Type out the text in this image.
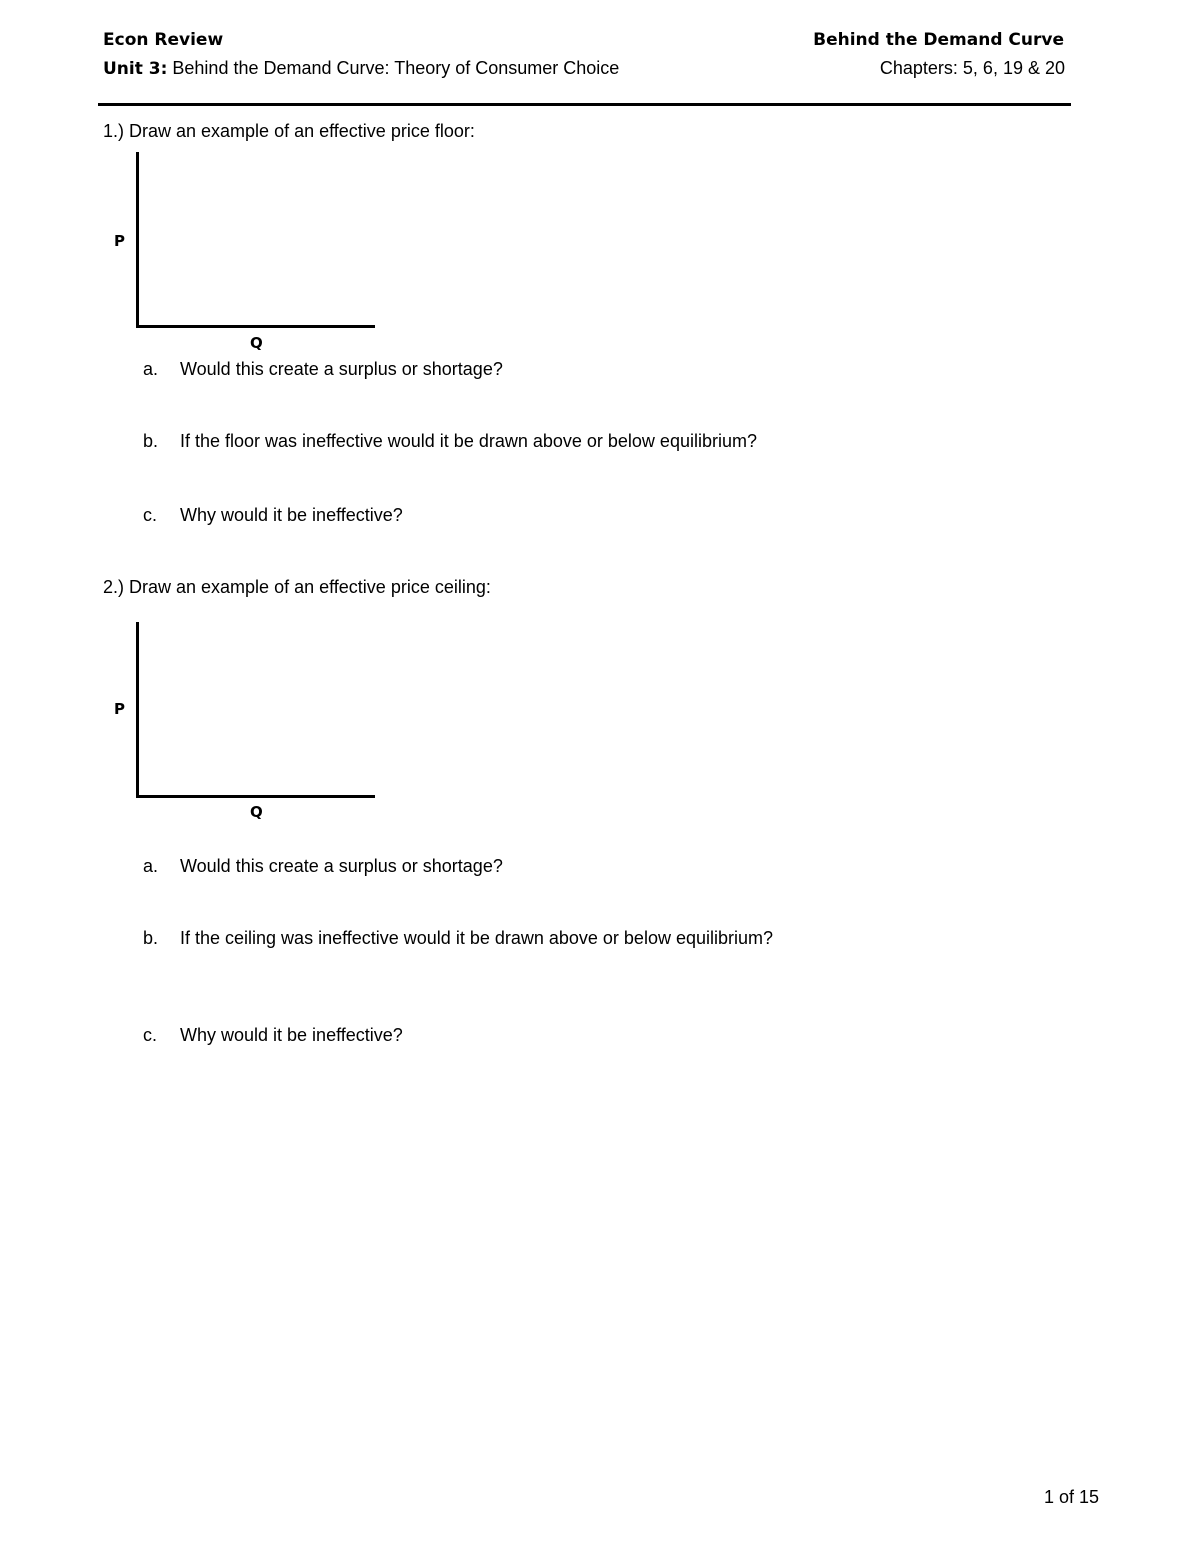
Econ Review
Unit 3: Behind the Demand Curve: Theory of Consumer Choice
Behind the Demand Curve
Chapters: 5, 6, 19 & 20
1.) Draw an example of an effective price floor:
P
Q
a.	Would this create a surplus or shortage?
b.	If the floor was ineffective would it be drawn above or below equilibrium?
c.	Why would it be ineffective?
2.) Draw an example of an effective price ceiling:
P
Q
a.	Would this create a surplus or shortage?
b.	If the ceiling was ineffective would it be drawn above or below equilibrium?
c.	Why would it be ineffective?
1 of 15
